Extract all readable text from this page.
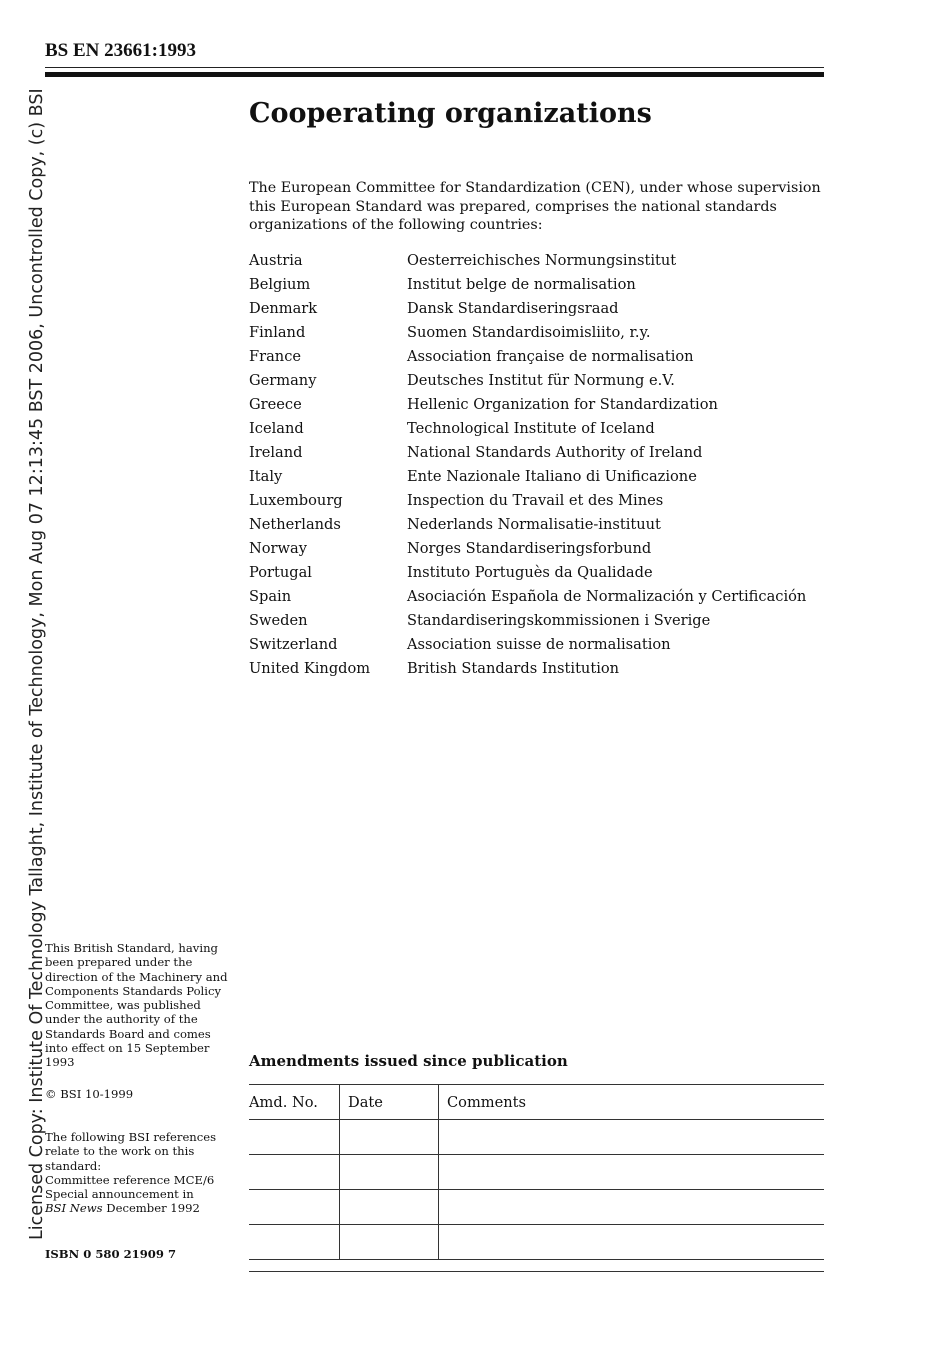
BS EN 23661:1993
Licensed Copy: Institute Of Technology Tallaght, Institute of Technology, Mon Aug 07 12:13:45 BST 2006, Uncontrolled Copy, (c) BSI	Cooperating organizations

The European Committee for Standardization (CEN), under whose supervision this European Standard was prepared, comprises the national standards organizations of the following countries:

Austria	Oesterreichisches Normungsinstitut
Belgium	Institut belge de normalisation
Denmark	Dansk Standardiseringsraad
Finland	Suomen Standardisoimisliito, r.y.
France	Association française de normalisation
Germany	Deutsches Institut für Normung e.V.
Greece	Hellenic Organization for Standardization
Iceland	Technological Institute of Iceland
Ireland	National Standards Authority of Ireland
Italy	Ente Nazionale Italiano di Unificazione
Luxembourg	Inspection du Travail et des Mines
Netherlands	Nederlands Normalisatie-instituut
Norway	Norges Standardiseringsforbund
Portugal	Instituto Portuguès da Qualidade
Spain	Asociación Española de Normalización y Certificación
Sweden	Standardiseringskommissionen i Sverige
Switzerland	Association suisse de normalisation
United Kingdom	British Standards Institution

This British Standard, having been prepared under the direction of the Machinery and Components Standards Policy Committee, was published under the authority of the Standards Board and comes into effect on 15 September 1993

© BSI 10-1999

The following BSI references relate to the work on this standard:
Committee reference MCE/6
Special announcement in
BSI News December 1992

ISBN 0 580 21909 7

Amendments issued since publication
Amd. No.	Date	Comments
